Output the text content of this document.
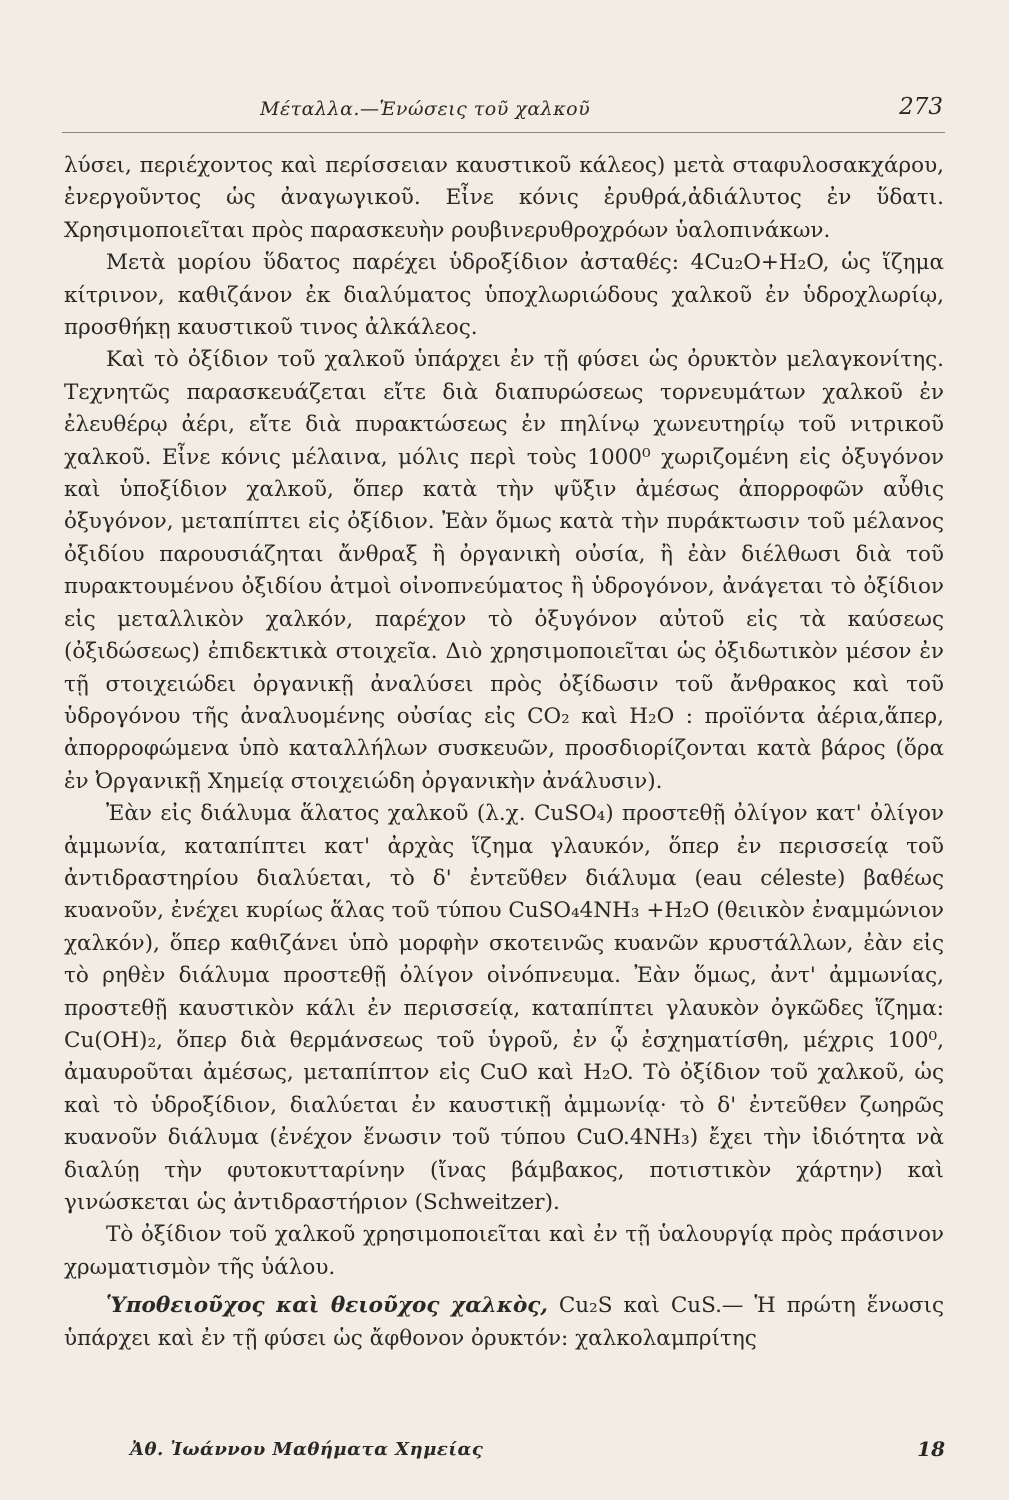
Μέταλλα.—Ἑνώσεις τοῦ χαλκοῦ	273

λύσει, περιέχοντος καὶ περίσσειαν καυστικοῦ κάλεος) μετὰ σταφυλοσακχάρου, ἐνεργοῦντος ὡς ἀναγωγικοῦ. Εἶνε κόνις ἐρυθρά,ἀδιάλυτος ἐν ὕδατι. Χρησιμοποιεῖται πρὸς παρασκευὴν ρουβινερυθροχρόων ὑαλοπινάκων.

Μετὰ μορίου ὕδατος παρέχει ὑδροξίδιον ἀσταθές: 4Cu₂O+H₂O, ὡς ἵζημα κίτρινον, καθιζάνον ἐκ διαλύματος ὑποχλωριώδους χαλκοῦ ἐν ὑδροχλωρίῳ, προσθήκῃ καυστικοῦ τινος ἀλκάλεος.

Καὶ τὸ ὀξίδιον τοῦ χαλκοῦ ὑπάρχει ἐν τῇ φύσει ὡς ὀρυκτὸν μελαγκονίτης. Τεχνητῶς παρασκευάζεται εἴτε διὰ διαπυρώσεως τορνευμάτων χαλκοῦ ἐν ἐλευθέρῳ ἀέρι, εἴτε διὰ πυρακτώσεως ἐν πηλίνῳ χωνευτηρίῳ τοῦ νιτρικοῦ χαλκοῦ. Εἶνε κόνις μέλαινα, μόλις περὶ τοὺς 1000⁰ χωριζομένη εἰς ὀξυγόνον καὶ ὑποξίδιον χαλκοῦ, ὅπερ κατὰ τὴν ψῦξιν ἀμέσως ἀπορροφῶν αὖθις ὀξυγόνον, μεταπίπτει εἰς ὀξίδιον. Ἐὰν ὅμως κατὰ τὴν πυράκτωσιν τοῦ μέλανος ὀξιδίου παρουσιάζηται ἄνθραξ ἢ ὀργανικὴ οὐσία, ἢ ἐὰν διέλθωσι διὰ τοῦ πυρακτουμένου ὀξιδίου ἀτμοὶ οἰνοπνεύματος ἢ ὑδρογόνον, ἀνάγεται τὸ ὀξίδιον εἰς μεταλλικὸν χαλκόν, παρέχον τὸ ὀξυγόνον αὐτοῦ εἰς τὰ καύσεως (ὀξιδώσεως) ἐπιδεκτικὰ στοιχεῖα. Διὸ χρησιμοποιεῖται ὡς ὀξιδωτικὸν μέσον ἐν τῇ στοιχειώδει ὀργανικῇ ἀναλύσει πρὸς ὀξίδωσιν τοῦ ἄνθρακος καὶ τοῦ ὑδρογόνου τῆς ἀναλυομένης οὐσίας εἰς CO₂ καὶ H₂O : προϊόντα ἀέρια,ἅπερ, ἀπορροφώμενα ὑπὸ καταλλήλων συσκευῶν, προσδιορίζονται κατὰ βάρος (ὅρα ἐν Ὀργανικῇ Χημείᾳ στοιχειώδη ὀργανικὴν ἀνάλυσιν).

Ἐὰν εἰς διάλυμα ἅλατος χαλκοῦ (λ.χ. CuSO₄) προστεθῇ ὀλίγον κατ' ὀλίγον ἀμμωνία, καταπίπτει κατ' ἀρχὰς ἵζημα γλαυκόν, ὅπερ ἐν περισσείᾳ τοῦ ἀντιδραστηρίου διαλύεται, τὸ δ' ἐντεῦθεν διάλυμα (eau céleste) βαθέως κυανοῦν, ἐνέχει κυρίως ἅλας τοῦ τύπου CuSO₄4NH₃ +H₂O (θειικὸν ἐναμμώνιον χαλκόν), ὅπερ καθιζάνει ὑπὸ μορφὴν σκοτεινῶς κυανῶν κρυστάλλων, ἐὰν εἰς τὸ ρηθὲν διάλυμα προστεθῇ ὀλίγον οἰνόπνευμα. Ἐὰν ὅμως, ἀντ' ἀμμωνίας, προστεθῇ καυστικὸν κάλι ἐν περισσείᾳ, καταπίπτει γλαυκὸν ὀγκῶδες ἵζημα: Cu(OH)₂, ὅπερ διὰ θερμάνσεως τοῦ ὑγροῦ, ἐν ᾧ ἐσχηματίσθη, μέχρις 100⁰, ἀμαυροῦται ἀμέσως, μεταπίπτον εἰς CuO καὶ H₂O. Τὸ ὀξίδιον τοῦ χαλκοῦ, ὡς καὶ τὸ ὑδροξίδιον, διαλύεται ἐν καυστικῇ ἀμμωνίᾳ· τὸ δ' ἐντεῦθεν ζωηρῶς κυανοῦν διάλυμα (ἐνέχον ἕνωσιν τοῦ τύπου CuO.4NH₃) ἔχει τὴν ἰδιότητα νὰ διαλύῃ τὴν φυτοκυτταρίνην (ἴνας βάμβακος, ποτιστικὸν χάρτην) καὶ γινώσκεται ὡς ἀντιδραστήριον (Schweitzer).

Τὸ ὀξίδιον τοῦ χαλκοῦ χρησιμοποιεῖται καὶ ἐν τῇ ὑαλουργίᾳ πρὸς πράσινον χρωματισμὸν τῆς ὑάλου.

Ὑποθειοῦχος καὶ θειοῦχος χαλκὸς, Cu₂S καὶ CuS.— Ἡ πρώτη ἕνωσις ὑπάρχει καὶ ἐν τῇ φύσει ὡς ἄφθονον ὀρυκτόν: χαλκολαμπρίτης

Ἀθ. Ἰωάννου Μαθήματα Χημείας	18
